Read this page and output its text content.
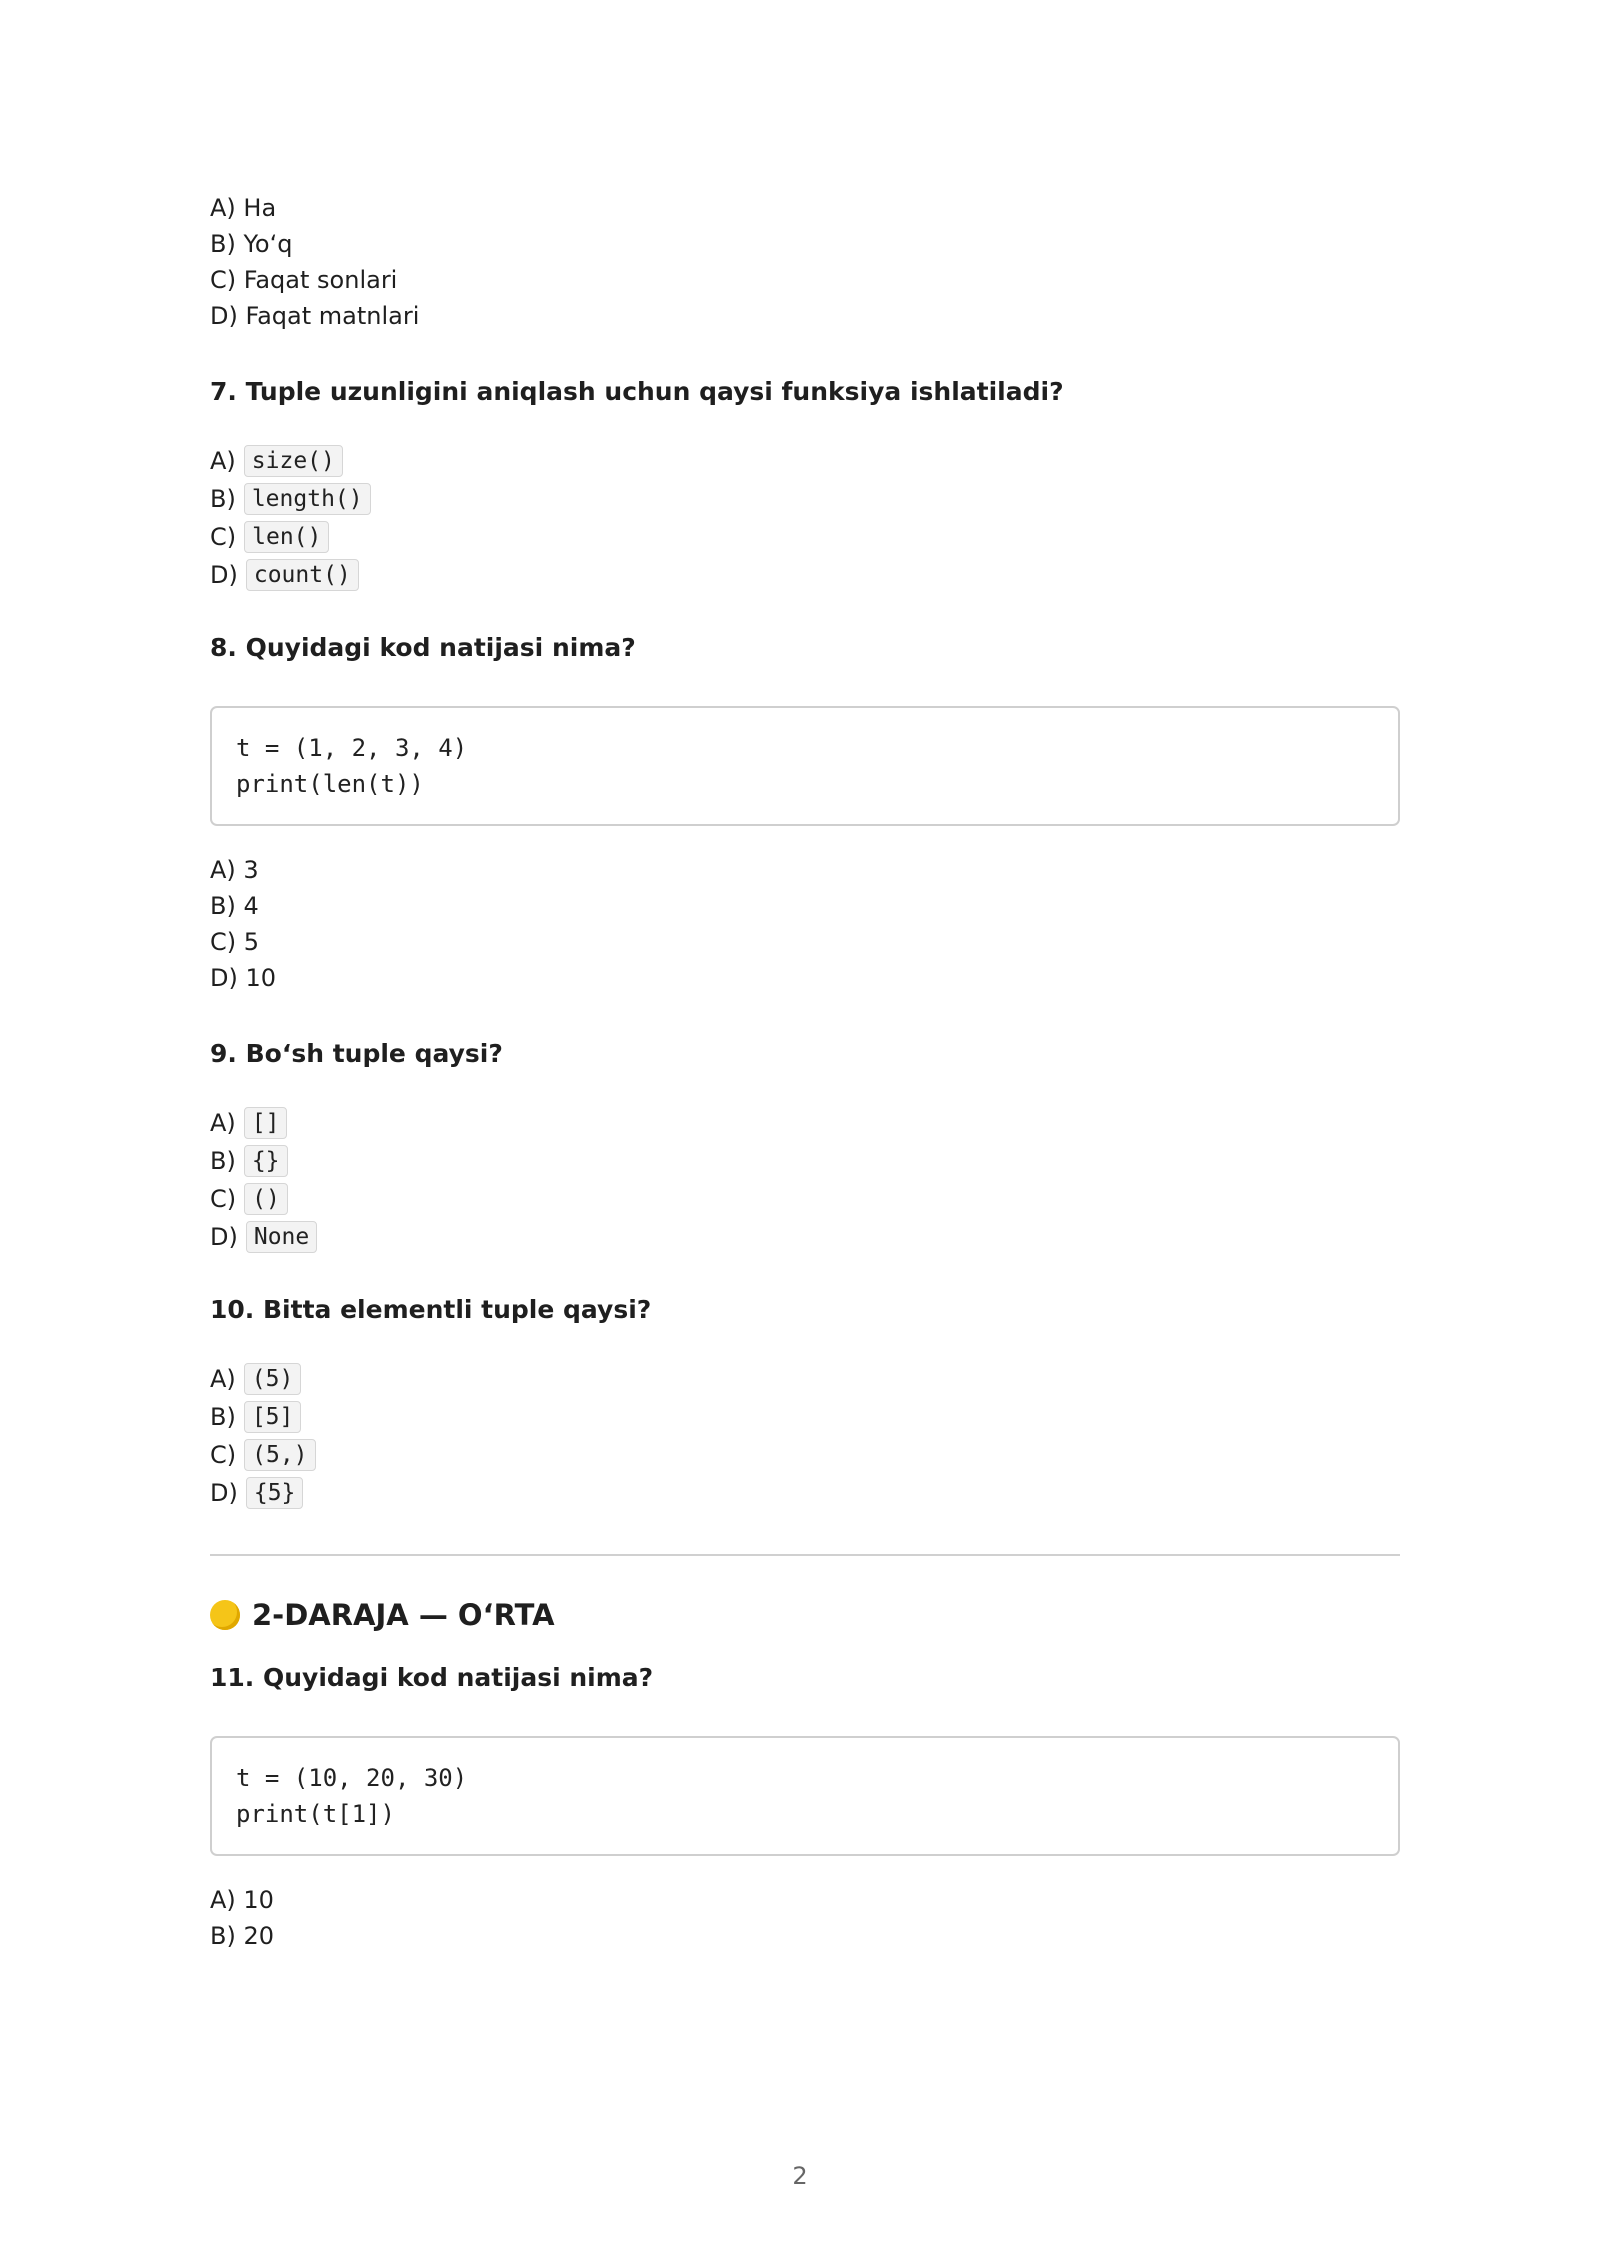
A) Ha
B) Yo‘q
C) Faqat sonlari
D) Faqat matnlari
7. Tuple uzunligini aniqlash uchun qaysi funksiya ishlatiladi?
A) size()
B) length()
C) len()
D) count()
8. Quyidagi kod natijasi nima?
t = (1, 2, 3, 4)
print(len(t))
A) 3
B) 4
C) 5
D) 10
9. Bo‘sh tuple qaysi?
A) []
B) {}
C) ()
D) None
10. Bitta elementli tuple qaysi?
A) (5)
B) [5]
C) (5,)
D) {5}
2-DARAJA — O‘RTA
11. Quyidagi kod natijasi nima?
t = (10, 20, 30)
print(t[1])
A) 10
B) 20
2
